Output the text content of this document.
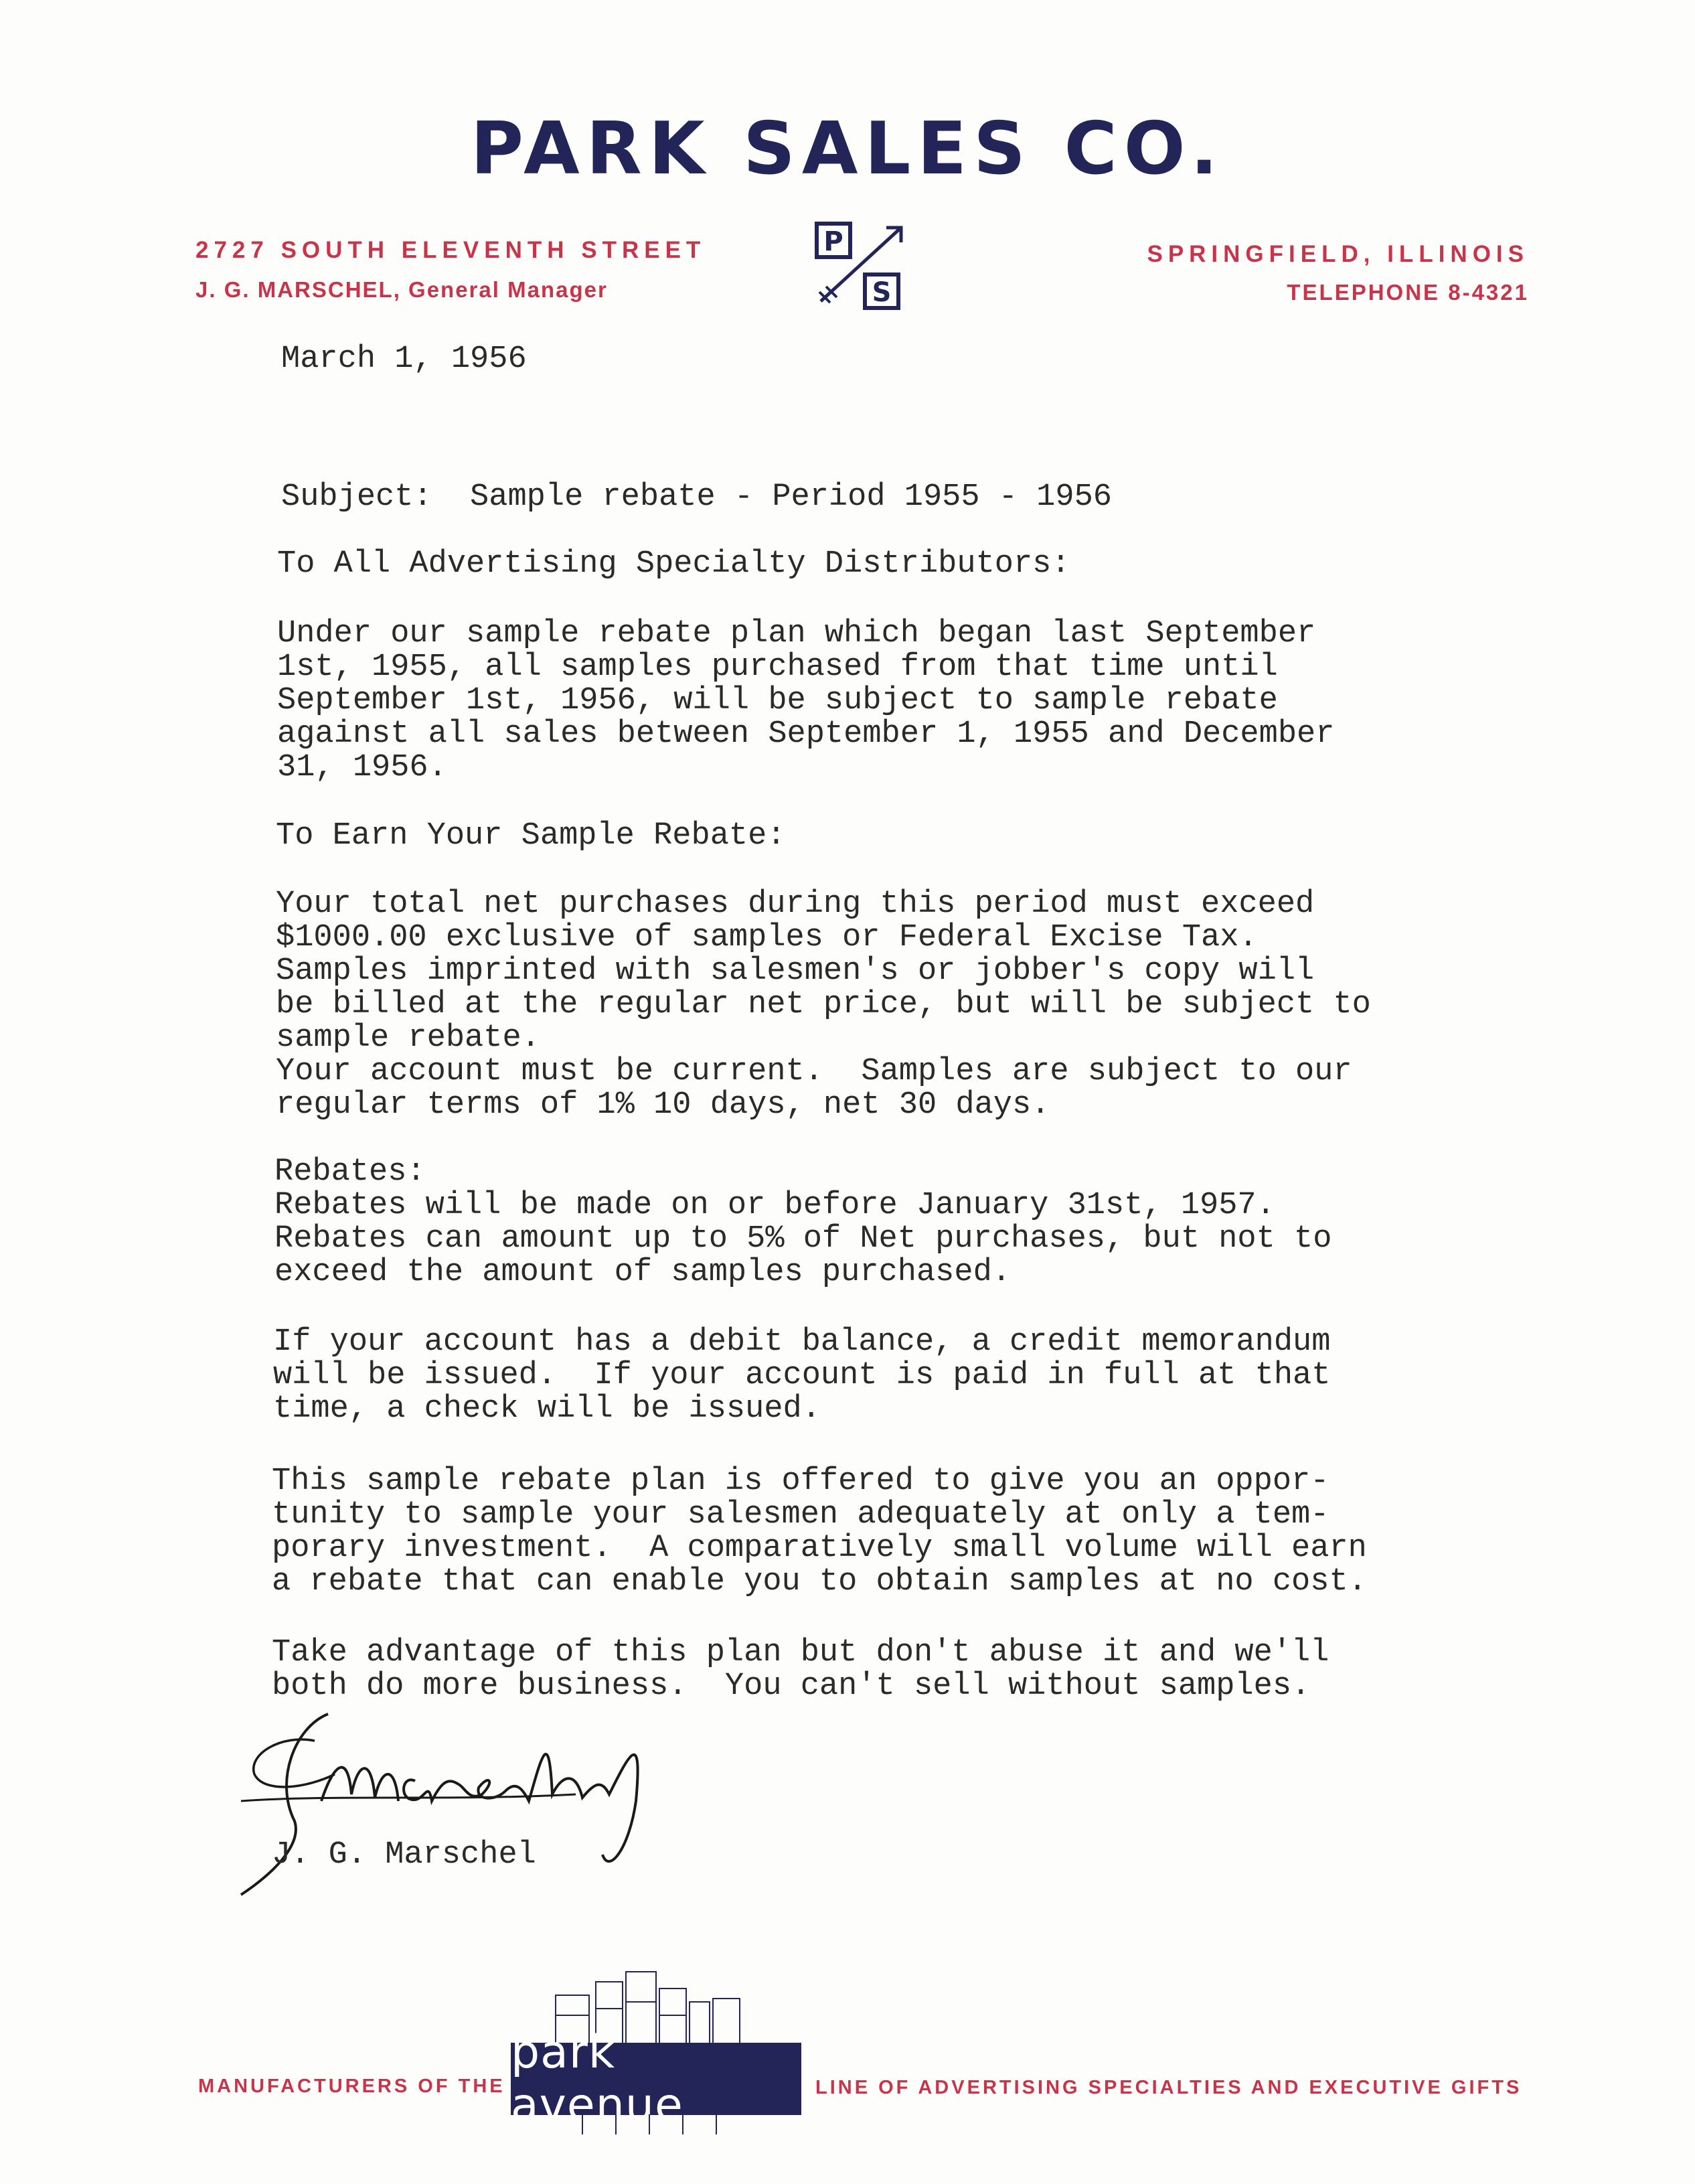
PARK SALES CO.
2727 SOUTH ELEVENTH STREET
J. G. MARSCHEL, General Manager
SPRINGFIELD, ILLINOIS
TELEPHONE 8-4321
P
S
March 1, 1956
Subject:  Sample rebate - Period 1955 - 1956
To All Advertising Specialty Distributors:
Under our sample rebate plan which began last September
1st, 1955, all samples purchased from that time until
September 1st, 1956, will be subject to sample rebate
against all sales between September 1, 1955 and December
31, 1956.
To Earn Your Sample Rebate:
Your total net purchases during this period must exceed
$1000.00 exclusive of samples or Federal Excise Tax.
Samples imprinted with salesmen's or jobber's copy will
be billed at the regular net price, but will be subject to
sample rebate.
Your account must be current.  Samples are subject to our
regular terms of 1% 10 days, net 30 days.
Rebates:
Rebates will be made on or before January 31st, 1957.
Rebates can amount up to 5% of Net purchases, but not to
exceed the amount of samples purchased.
If your account has a debit balance, a credit memorandum
will be issued.  If your account is paid in full at that
time, a check will be issued.
This sample rebate plan is offered to give you an oppor-
tunity to sample your salesmen adequately at only a tem-
porary investment.  A comparatively small volume will earn
a rebate that can enable you to obtain samples at no cost.
Take advantage of this plan but don't abuse it and we'll
both do more business.  You can't sell without samples.
J. G. Marschel
MANUFACTURERS OF THE
park avenue	LINE OF ADVERTISING SPECIALTIES AND EXECUTIVE GIFTS
